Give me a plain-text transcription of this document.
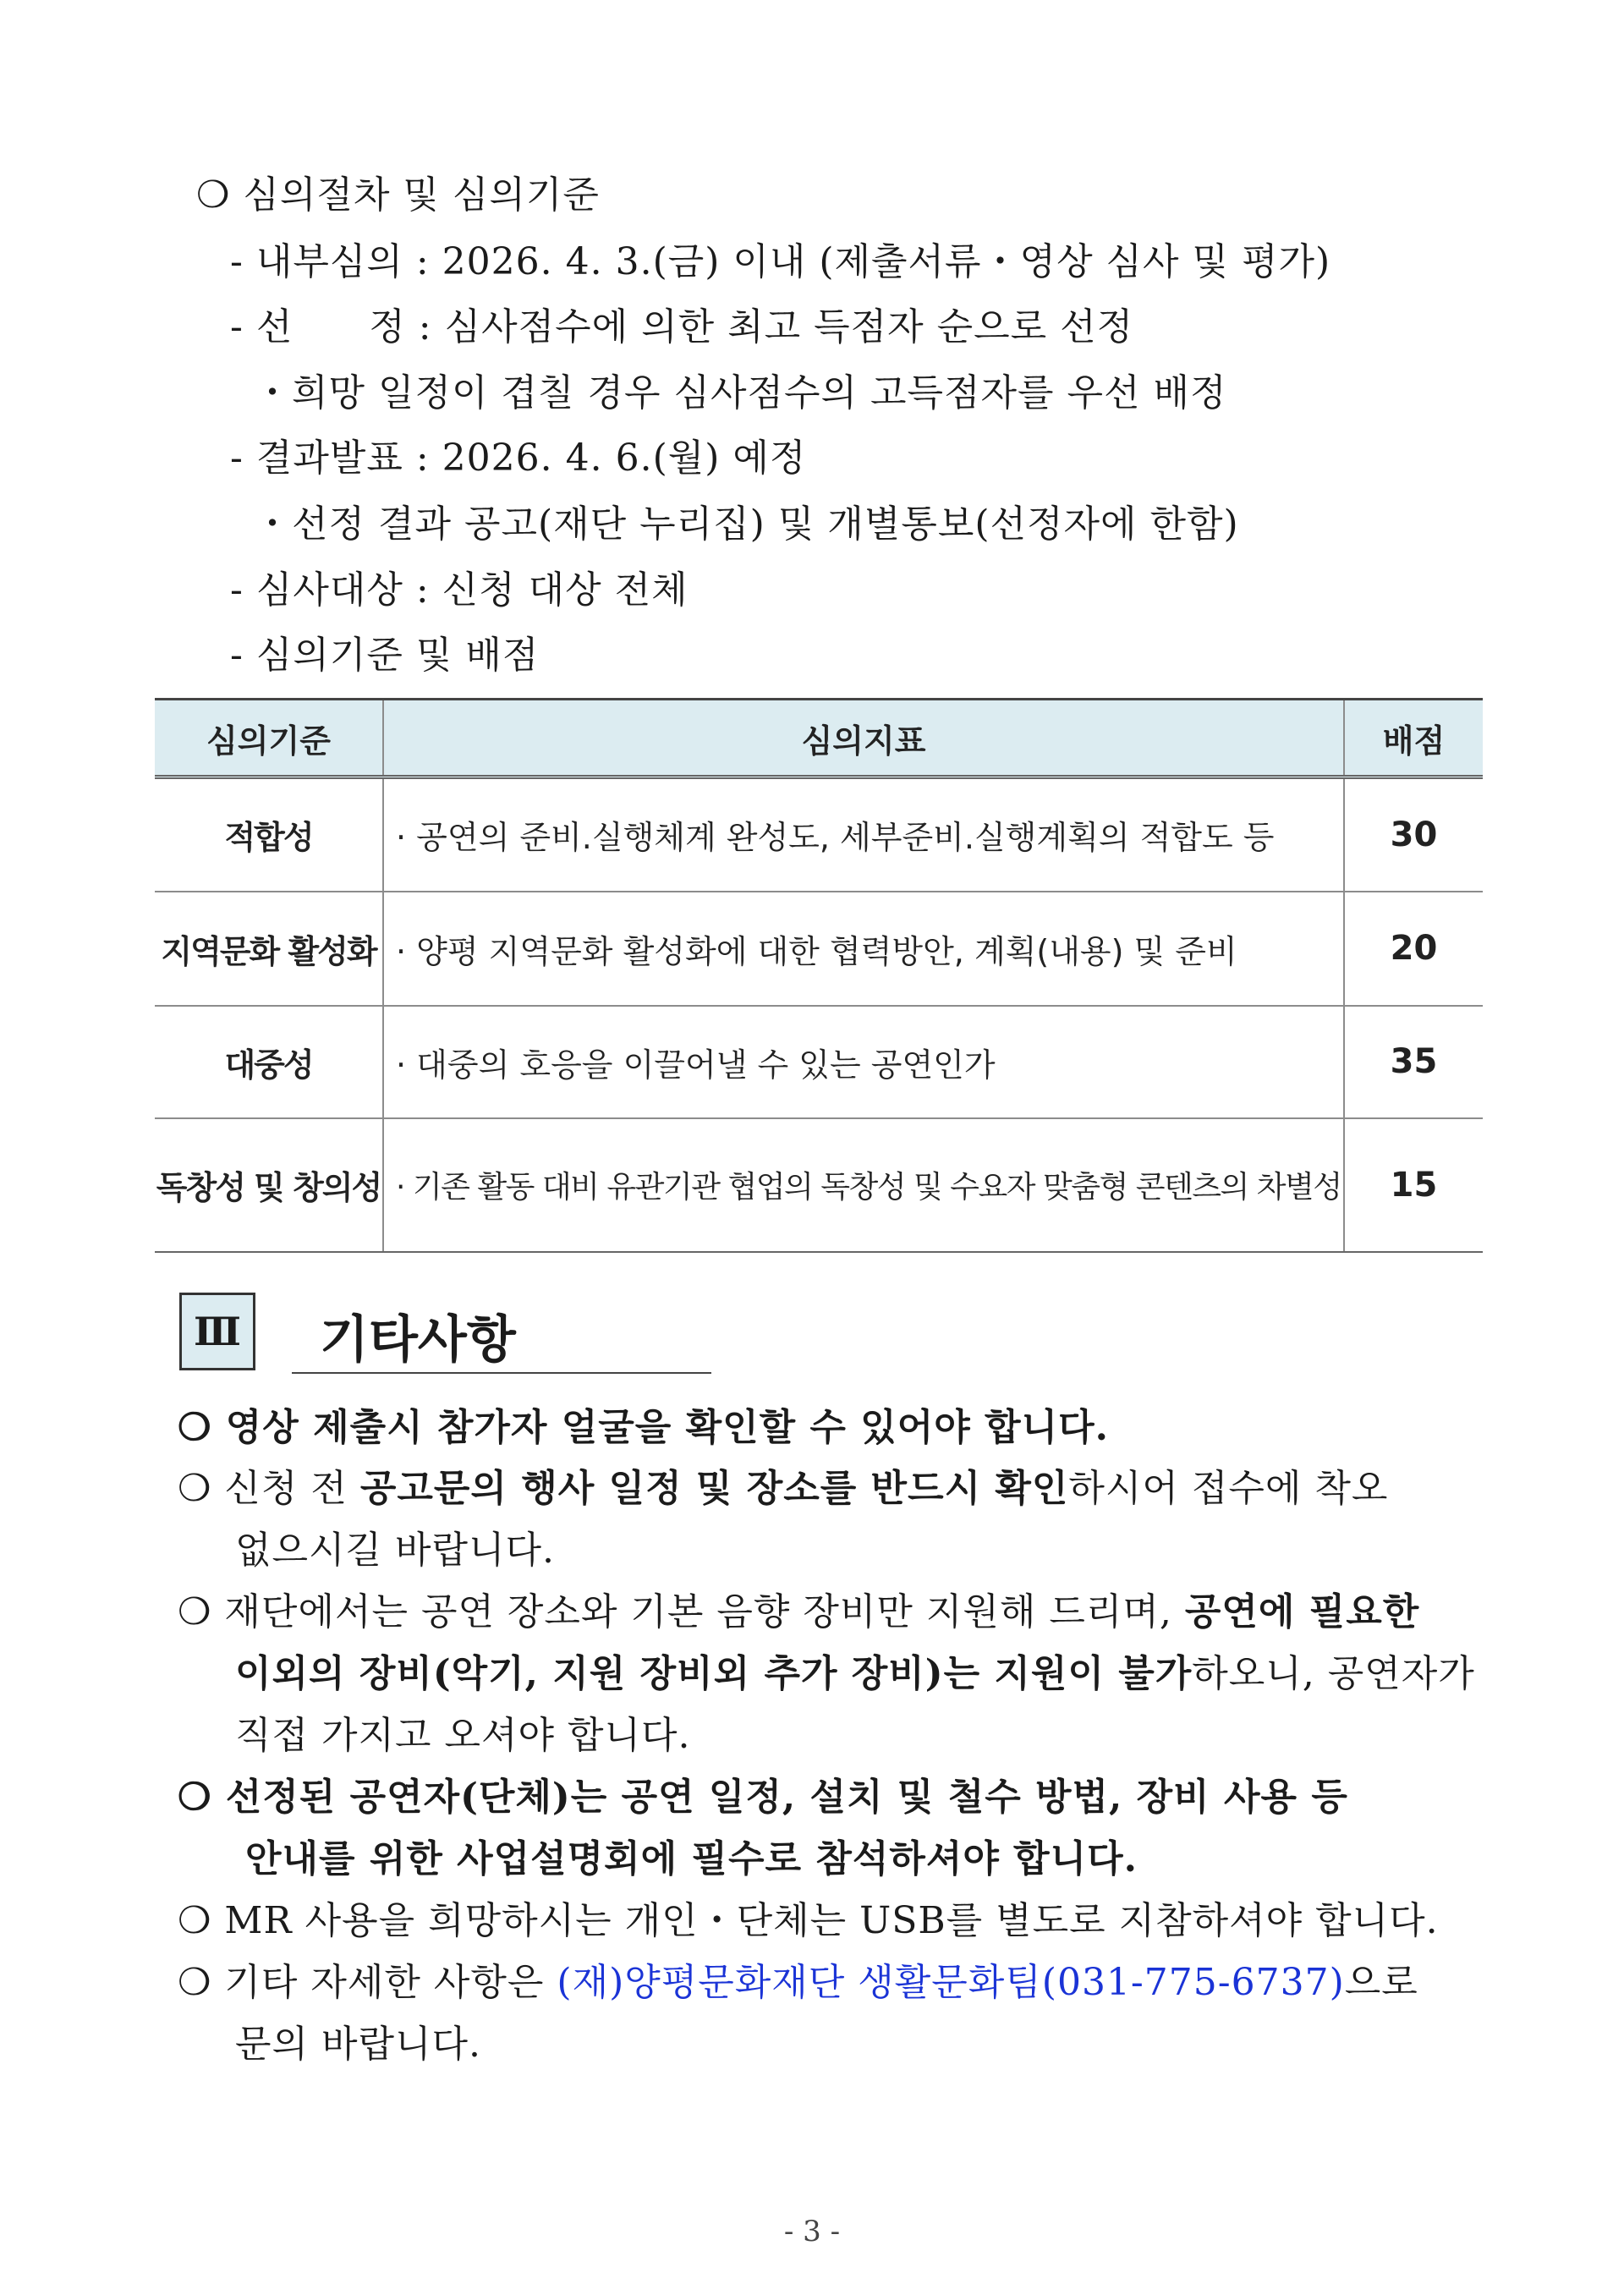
❍ 심의절차 및 심의기준
- 내부심의 : 2026. 4. 3.(금) 이내 (제출서류・영상 심사 및 평가)
- 선      정 : 심사점수에 의한 최고 득점자 순으로 선정
・희망 일정이 겹칠 경우 심사점수의 고득점자를 우선 배정
- 결과발표 : 2026. 4. 6.(월) 예정
・선정 결과 공고(재단 누리집) 및 개별통보(선정자에 한함)
- 심사대상 : 신청 대상 전체
- 심의기준 및 배점
심의기준	심의지표	배점
적합성	· 공연의 준비.실행체계 완성도, 세부준비.실행계획의 적합도 등	30
지역문화 활성화	· 양평 지역문화 활성화에 대한 협력방안, 계획(내용) 및 준비	20
대중성	· 대중의 호응을 이끌어낼 수 있는 공연인가	35
독창성 및 창의성	· 기존 활동 대비 유관기관 협업의 독창성 및 수요자 맞춤형 콘텐츠의 차별성	15
Ⅲ 기타사항
❍ 영상 제출시 참가자 얼굴을 확인할 수 있어야 합니다.
❍ 신청 전 공고문의 행사 일정 및 장소를 반드시 확인하시어 접수에 착오
없으시길 바랍니다.
❍ 재단에서는 공연 장소와 기본 음향 장비만 지원해 드리며, 공연에 필요한
이외의 장비(악기, 지원 장비외 추가 장비)는 지원이 불가하오니, 공연자가
직접 가지고 오셔야 합니다.
❍ 선정된 공연자(단체)는 공연 일정, 설치 및 철수 방법, 장비 사용 등
안내를 위한 사업설명회에 필수로 참석하셔야 합니다.
❍ MR 사용을 희망하시는 개인・단체는 USB를 별도로 지참하셔야 합니다.
❍ 기타 자세한 사항은 (재)양평문화재단 생활문화팀(031-775-6737)으로
문의 바랍니다.
- 3 -
